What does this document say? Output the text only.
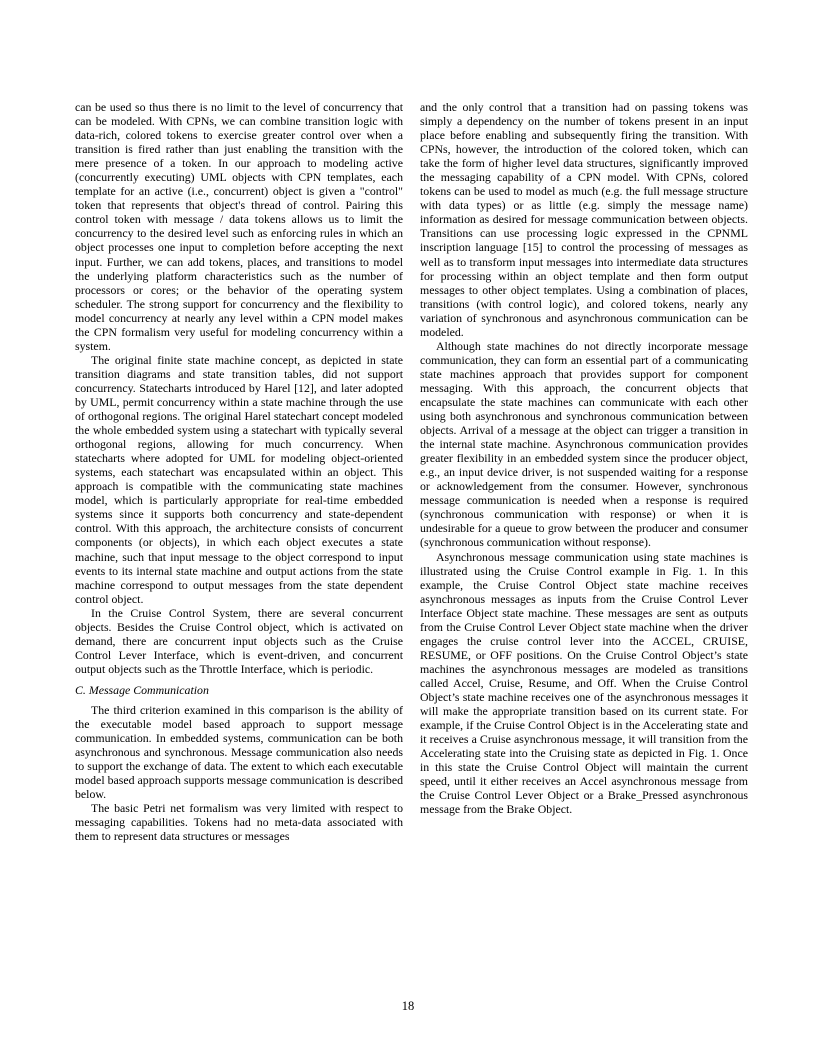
can be used so thus there is no limit to the level of concurrency that can be modeled. With CPNs, we can combine transition logic with data-rich, colored tokens to exercise greater control over when a transition is fired rather than just enabling the transition with the mere presence of a token. In our approach to modeling active (concurrently executing) UML objects with CPN templates, each template for an active (i.e., concurrent) object is given a "control" token that represents that object's thread of control. Pairing this control token with message / data tokens allows us to limit the concurrency to the desired level such as enforcing rules in which an object processes one input to completion before accepting the next input. Further, we can add tokens, places, and transitions to model the underlying platform characteristics such as the number of processors or cores; or the behavior of the operating system scheduler. The strong support for concurrency and the flexibility to model concurrency at nearly any level within a CPN model makes the CPN formalism very useful for modeling concurrency within a system.

The original finite state machine concept, as depicted in state transition diagrams and state transition tables, did not support concurrency. Statecharts introduced by Harel [12], and later adopted by UML, permit concurrency within a state machine through the use of orthogonal regions. The original Harel statechart concept modeled the whole embedded system using a statechart with typically several orthogonal regions, allowing for much concurrency. When statecharts where adopted for UML for modeling object-oriented systems, each statechart was encapsulated within an object. This approach is compatible with the communicating state machines model, which is particularly appropriate for real-time embedded systems since it supports both concurrency and state-dependent control. With this approach, the architecture consists of concurrent components (or objects), in which each object executes a state machine, such that input message to the object correspond to input events to its internal state machine and output actions from the state machine correspond to output messages from the state dependent control object.

In the Cruise Control System, there are several concurrent objects. Besides the Cruise Control object, which is activated on demand, there are concurrent input objects such as the Cruise Control Lever Interface, which is event-driven, and concurrent output objects such as the Throttle Interface, which is periodic.

C. Message Communication

The third criterion examined in this comparison is the ability of the executable model based approach to support message communication. In embedded systems, communication can be both asynchronous and synchronous. Message communication also needs to support the exchange of data. The extent to which each executable model based approach supports message communication is described below.

The basic Petri net formalism was very limited with respect to messaging capabilities. Tokens had no meta-data associated with them to represent data structures or messages

and the only control that a transition had on passing tokens was simply a dependency on the number of tokens present in an input place before enabling and subsequently firing the transition. With CPNs, however, the introduction of the colored token, which can take the form of higher level data structures, significantly improved the messaging capability of a CPN model. With CPNs, colored tokens can be used to model as much (e.g. the full message structure with data types) or as little (e.g. simply the message name) information as desired for message communication between objects. Transitions can use processing logic expressed in the CPNML inscription language [15] to control the processing of messages as well as to transform input messages into intermediate data structures for processing within an object template and then form output messages to other object templates. Using a combination of places, transitions (with control logic), and colored tokens, nearly any variation of synchronous and asynchronous communication can be modeled.

Although state machines do not directly incorporate message communication, they can form an essential part of a communicating state machines approach that provides support for component messaging. With this approach, the concurrent objects that encapsulate the state machines can communicate with each other using both asynchronous and synchronous communication between objects. Arrival of a message at the object can trigger a transition in the internal state machine. Asynchronous communication provides greater flexibility in an embedded system since the producer object, e.g., an input device driver, is not suspended waiting for a response or acknowledgement from the consumer. However, synchronous message communication is needed when a response is required (synchronous communication with response) or when it is undesirable for a queue to grow between the producer and consumer (synchronous communication without response).

Asynchronous message communication using state machines is illustrated using the Cruise Control example in Fig. 1. In this example, the Cruise Control Object state machine receives asynchronous messages as inputs from the Cruise Control Lever Interface Object state machine. These messages are sent as outputs from the Cruise Control Lever Object state machine when the driver engages the cruise control lever into the ACCEL, CRUISE, RESUME, or OFF positions. On the Cruise Control Object’s state machines the asynchronous messages are modeled as transitions called Accel, Cruise, Resume, and Off. When the Cruise Control Object’s state machine receives one of the asynchronous messages it will make the appropriate transition based on its current state. For example, if the Cruise Control Object is in the Accelerating state and it receives a Cruise asynchronous message, it will transition from the Accelerating state into the Cruising state as depicted in Fig. 1. Once in this state the Cruise Control Object will maintain the current speed, until it either receives an Accel asynchronous message from the Cruise Control Lever Object or a Brake_Pressed asynchronous message from the Brake Object.

18
